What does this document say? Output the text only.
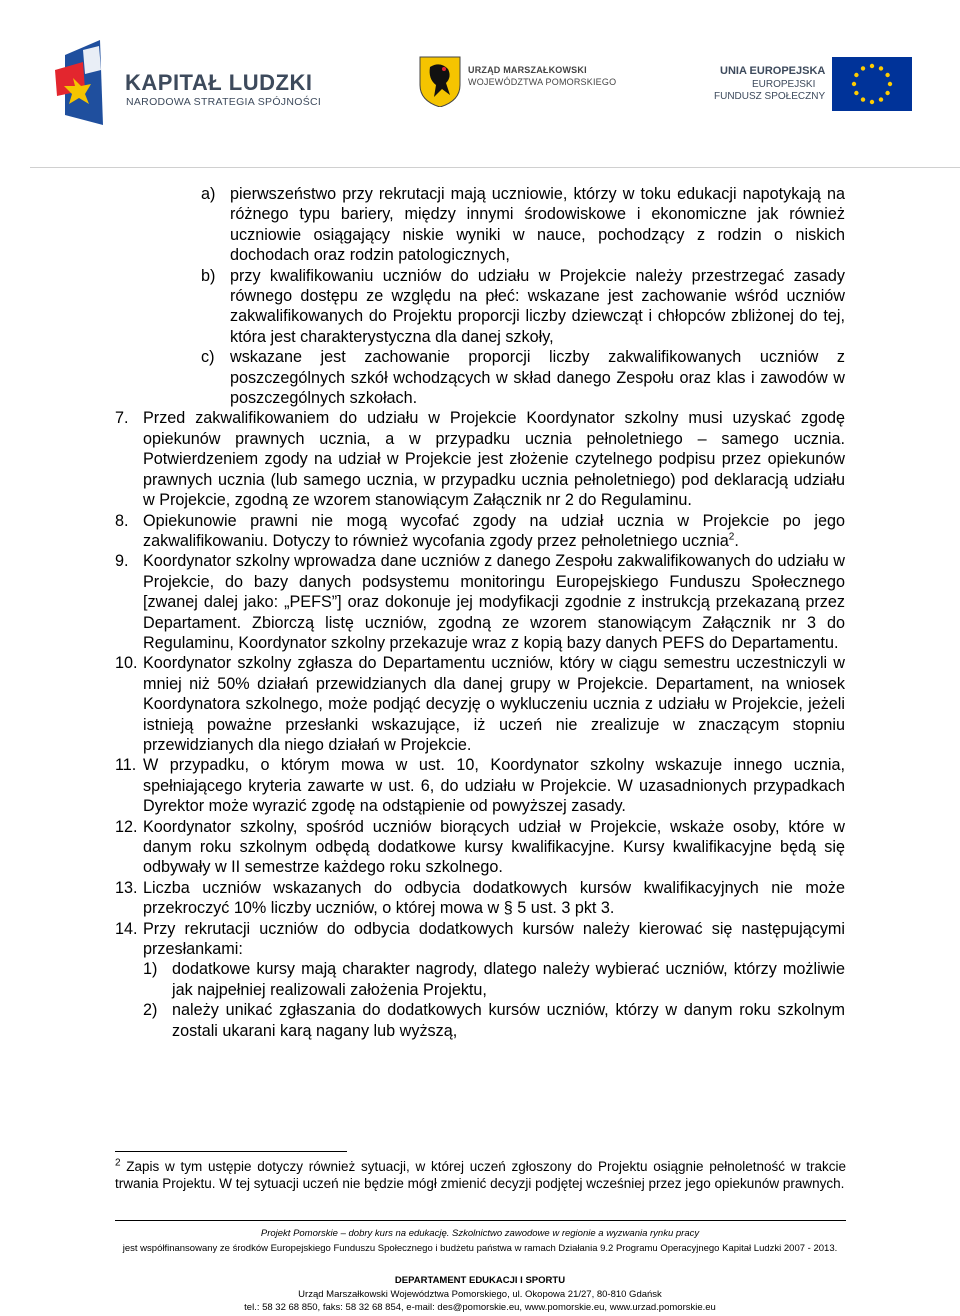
KAPITAŁ LUDZKI
NARODOWA STRATEGIA SPÓJNOŚCI
URZĄD MARSZAŁKOWSKI
WOJEWÓDZTWA POMORSKIEGO
UNIA EUROPEJSKA
EUROPEJSKI
FUNDUSZ SPOŁECZNY
a) pierwszeństwo przy rekrutacji mają uczniowie, którzy w toku edukacji napotykają na różnego typu bariery, między innymi środowiskowe i ekonomiczne jak również uczniowie osiągający niskie wyniki w nauce, pochodzący z rodzin o niskich dochodach oraz rodzin patologicznych,
b) przy kwalifikowaniu uczniów do udziału w Projekcie należy przestrzegać zasady równego dostępu ze względu na płeć: wskazane jest zachowanie wśród uczniów zakwalifikowanych do Projektu proporcji liczby dziewcząt i chłopców zbliżonej do tej, która jest charakterystyczna dla danej szkoły,
c) wskazane jest zachowanie proporcji liczby zakwalifikowanych uczniów z poszczególnych szkół wchodzących w skład danego Zespołu oraz klas i zawodów w poszczególnych szkołach.
7. Przed zakwalifikowaniem do udziału w Projekcie Koordynator szkolny musi uzyskać zgodę opiekunów prawnych ucznia, a w przypadku ucznia pełnoletniego – samego ucznia. Potwierdzeniem zgody na udział w Projekcie jest złożenie czytelnego podpisu przez opiekunów prawnych ucznia (lub samego ucznia, w przypadku ucznia pełnoletniego) pod deklaracją udziału w Projekcie, zgodną ze wzorem stanowiącym Załącznik nr 2 do Regulaminu.
8. Opiekunowie prawni nie mogą wycofać zgody na udział ucznia w Projekcie po jego zakwalifikowaniu. Dotyczy to również wycofania zgody przez pełnoletniego ucznia$^2$.
9. Koordynator szkolny wprowadza dane uczniów z danego Zespołu zakwalifikowanych do udziału w Projekcie, do bazy danych podsystemu monitoringu Europejskiego Funduszu Społecznego [zwanej dalej jako: „PEFS”] oraz dokonuje jej modyfikacji zgodnie z instrukcją przekazaną przez Departament. Zbiorczą listę uczniów, zgodną ze wzorem stanowiącym Załącznik nr 3 do Regulaminu, Koordynator szkolny przekazuje wraz z kopią bazy danych PEFS do Departamentu.
10. Koordynator szkolny zgłasza do Departamentu uczniów, który w ciągu semestru uczestniczyli w mniej niż 50% działań przewidzianych dla danej grupy w Projekcie. Departament, na wniosek Koordynatora szkolnego, może podjąć decyzję o wykluczeniu ucznia z udziału w Projekcie, jeżeli istnieją poważne przesłanki wskazujące, iż uczeń nie zrealizuje w znaczącym stopniu przewidzianych dla niego działań w Projekcie.
11. W przypadku, o którym mowa w ust. 10, Koordynator szkolny wskazuje innego ucznia, spełniającego kryteria zawarte w ust. 6, do udziału w Projekcie. W uzasadnionych przypadkach Dyrektor może wyrazić zgodę na odstąpienie od powyższej zasady.
12. Koordynator szkolny, spośród uczniów biorących udział w Projekcie, wskaże osoby, które w danym roku szkolnym odbędą dodatkowe kursy kwalifikacyjne. Kursy kwalifikacyjne będą się odbywały w II semestrze każdego roku szkolnego.
13. Liczba uczniów wskazanych do odbycia dodatkowych kursów kwalifikacyjnych nie może przekroczyć 10% liczby uczniów, o której mowa w § 5 ust. 3 pkt 3.
14. Przy rekrutacji uczniów do odbycia dodatkowych kursów należy kierować się następującymi przesłankami:
1) dodatkowe kursy mają charakter nagrody, dlatego należy wybierać uczniów, którzy możliwie jak najpełniej realizowali założenia Projektu,
2) należy unikać zgłaszania do dodatkowych kursów uczniów, którzy w danym roku szkolnym zostali ukarani karą nagany lub wyższą,
$^2$ Zapis w tym ustępie dotyczy również sytuacji, w której uczeń zgłoszony do Projektu osiągnie pełnoletność w trakcie trwania Projektu. W tej sytuacji uczeń nie będzie mógł zmienić decyzji podjętej wcześniej przez jego opiekunów prawnych.
Projekt Pomorskie – dobry kurs na edukację. Szkolnictwo zawodowe w regionie a wyzwania rynku pracy
jest współfinansowany ze środków Europejskiego Funduszu Społecznego i budżetu państwa w ramach Działania 9.2 Programu Operacyjnego Kapitał Ludzki 2007 - 2013.
DEPARTAMENT EDUKACJI I SPORTU
Urząd Marszałkowski Województwa Pomorskiego, ul. Okopowa 21/27, 80-810 Gdańsk
tel.: 58 32 68 850, faks: 58 32 68 854, e-mail: des@pomorskie.eu, www.pomorskie.eu, www.urzad.pomorskie.eu
